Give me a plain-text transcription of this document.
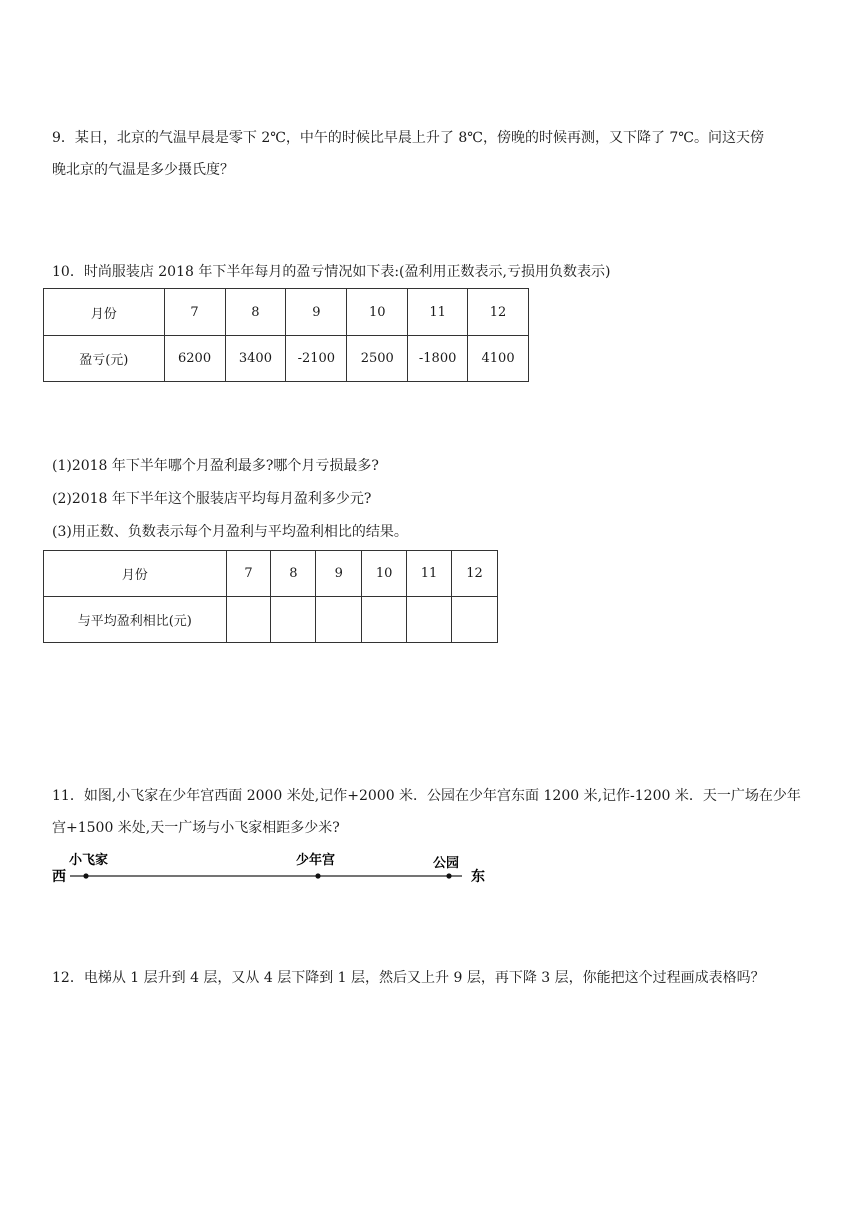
9．某日，北京的气温早晨是零下 2℃，中午的时候比早晨上升了 8℃，傍晚的时候再测，又下降了 7℃。问这天傍
晚北京的气温是多少摄氏度？
10．时尚服装店 2018 年下半年每月的盈亏情况如下表:(盈利用正数表示,亏损用负数表示)
月份	7	8	9	10	11	12
盈亏(元)	6200	3400	-2100	2500	-1800	4100
(1)2018 年下半年哪个月盈利最多?哪个月亏损最多?
(2)2018 年下半年这个服装店平均每月盈利多少元?
(3)用正数、负数表示每个月盈利与平均盈利相比的结果。
月份	7	8	9	10	11	12
与平均盈利相比(元)						
11．如图,小飞家在少年宫西面 2000 米处,记作+2000 米．公园在少年宫东面 1200 米,记作-1200 米．天一广场在少年
宫+1500 米处,天一广场与小飞家相距多少米?
西	东
小飞家	少年宫	公园
12．电梯从 1 层升到 4 层，又从 4 层下降到 1 层，然后又上升 9 层，再下降 3 层，你能把这个过程画成表格吗？
